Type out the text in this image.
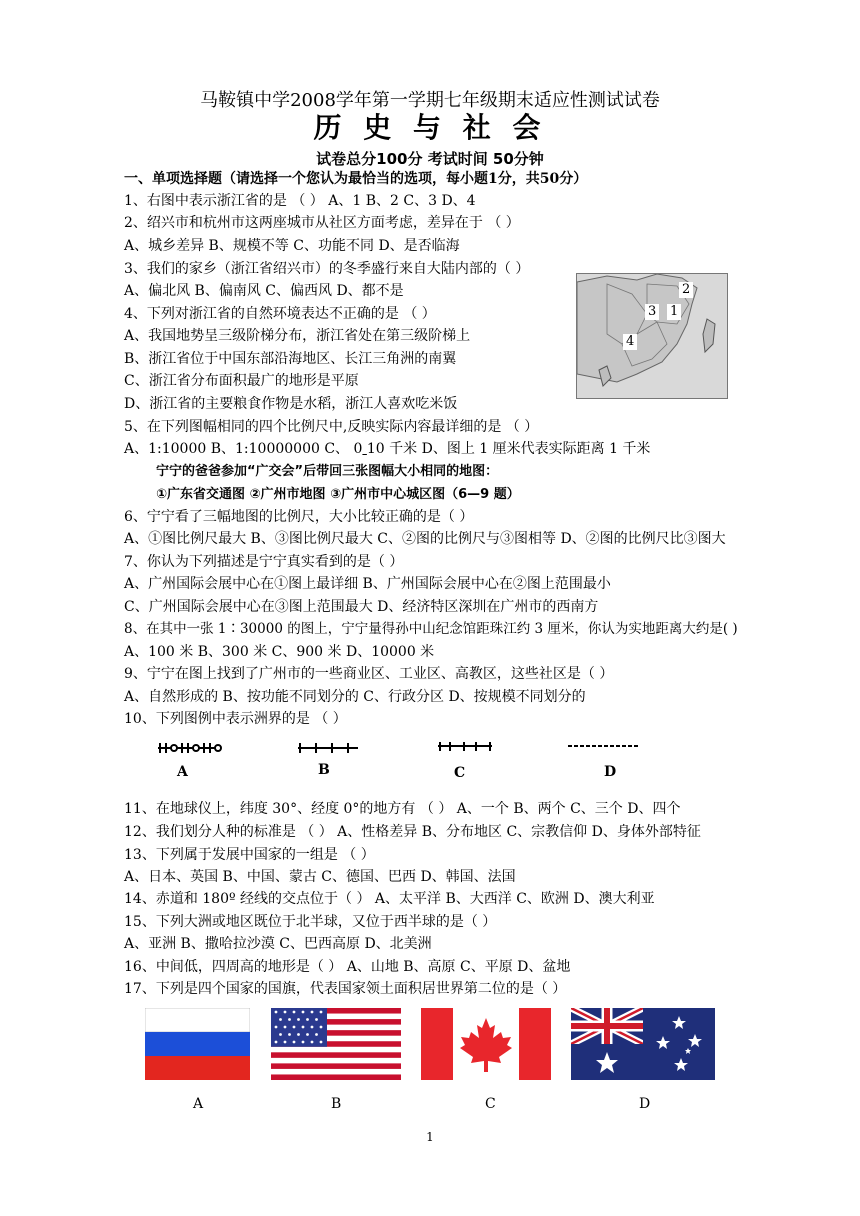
马鞍镇中学2008学年第一学期七年级期末适应性测试试卷
历 史 与 社 会
试卷总分100分 考试时间 50分钟
一、单项选择题（请选择一个您认为最恰当的选项，每小题1分，共50分）
1、右图中表示浙江省的是 （ ） A、1 B、2 C、3 D、4
2、绍兴市和杭州市这两座城市从社区方面考虑，差异在于 （ ）
A、城乡差异 B、规模不等 C、功能不同 D、是否临海
3、我们的家乡（浙江省绍兴市）的冬季盛行来自大陆内部的（ ）
A、偏北风 B、偏南风 C、偏西风 D、都不是
4、下列对浙江省的自然环境表达不正确的是 （ ）
A、我国地势呈三级阶梯分布，浙江省处在第三级阶梯上
B、浙江省位于中国东部沿海地区、长江三角洲的南翼
C、浙江省分布面积最广的地形是平原
D、浙江省的主要粮食作物是水稻，浙江人喜欢吃米饭
2
3 1
4
5、在下列图幅相同的四个比例尺中,反映实际内容最详细的是 （ ）
A、1:10000 B、1:10000000 C、 0 10 千米 D、图上 1 厘米代表实际距离 1 千米
宁宁的爸爸参加“广交会”后带回三张图幅大小相同的地图：
①广东省交通图 ②广州市地图 ③广州市中心城区图（6—9 题）
6、宁宁看了三幅地图的比例尺，大小比较正确的是（ ）
A、①图比例尺最大 B、③图比例尺最大 C、②图的比例尺与③图相等 D、②图的比例尺比③图大
7、你认为下列描述是宁宁真实看到的是（ ）
A、广州国际会展中心在①图上最详细 B、广州国际会展中心在②图上范围最小
C、广州国际会展中心在③图上范围最大 D、经济特区深圳在广州市的西南方
8、在其中一张 1∶30000 的图上，宁宁量得孙中山纪念馆距珠江约 3 厘米，你认为实地距离大约是( )
A、100 米 B、300 米 C、900 米 D、10000 米
9、宁宁在图上找到了广州市的一些商业区、工业区、高教区，这些社区是（ ）
A、自然形成的 B、按功能不同划分的 C、行政分区 D、按规模不同划分的
10、下列图例中表示洲界的是 （ ）
A	B	C	D
11、在地球仪上，纬度 30°、经度 0°的地方有 （ ） A、一个 B、两个 C、三个 D、四个
12、我们划分人种的标准是 （ ） A、性格差异 B、分布地区 C、宗教信仰 D、身体外部特征
13、下列属于发展中国家的一组是 （ ）
A、日本、英国 B、中国、蒙古 C、德国、巴西 D、韩国、法国
14、赤道和 180º 经线的交点位于（ ） A、太平洋 B、大西洋 C、欧洲 D、澳大利亚
15、下列大洲或地区既位于北半球，又位于西半球的是（ ）
A、亚洲 B、撒哈拉沙漠 C、巴西高原 D、北美洲
16、中间低，四周高的地形是（ ） A、山地 B、高原 C、平原 D、盆地
17、下列是四个国家的国旗，代表国家领土面积居世界第二位的是（ ）
A	B	C	D
1
